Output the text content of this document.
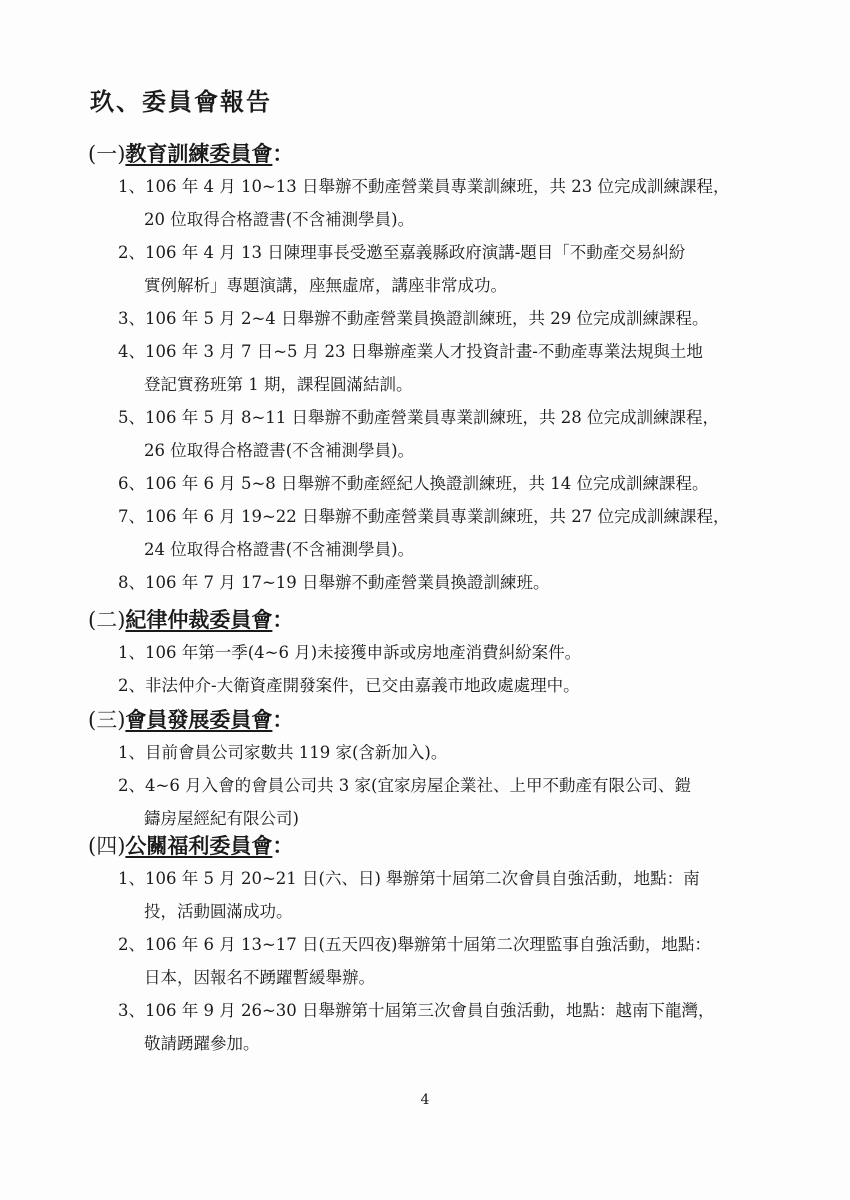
玖、委員會報告
(一)教育訓練委員會：
1、106 年 4 月 10~13 日舉辦不動產營業員專業訓練班，共 23 位完成訓練課程，
20 位取得合格證書(不含補測學員)。
2、106 年 4 月 13 日陳理事長受邀至嘉義縣政府演講-題目「不動產交易糾紛
實例解析」專題演講，座無虛席，講座非常成功。
3、106 年 5 月 2~4 日舉辦不動產營業員換證訓練班，共 29 位完成訓練課程。
4、106 年 3 月 7 日~5 月 23 日舉辦產業人才投資計畫-不動產專業法規與土地
登記實務班第 1 期，課程圓滿結訓。
5、106 年 5 月 8~11 日舉辦不動產營業員專業訓練班，共 28 位完成訓練課程，
26 位取得合格證書(不含補測學員)。
6、106 年 6 月 5~8 日舉辦不動產經紀人換證訓練班，共 14 位完成訓練課程。
7、106 年 6 月 19~22 日舉辦不動產營業員專業訓練班，共 27 位完成訓練課程，
24 位取得合格證書(不含補測學員)。
8、106 年 7 月 17~19 日舉辦不動產營業員換證訓練班。
(二)紀律仲裁委員會：
1、106 年第一季(4~6 月)未接獲申訴或房地產消費糾紛案件。
2、非法仲介-大衛資產開發案件，已交由嘉義市地政處處理中。
(三)會員發展委員會：
1、目前會員公司家數共 119 家(含新加入)。
2、4~6 月入會的會員公司共 3 家(宜家房屋企業社、上甲不動產有限公司、鎧
鑄房屋經紀有限公司)
(四)公關福利委員會：
1、106 年 5 月 20~21 日(六、日) 舉辦第十屆第二次會員自強活動，地點：南
投，活動圓滿成功。
2、106 年 6 月 13~17 日(五天四夜)舉辦第十屆第二次理監事自強活動，地點：
日本，因報名不踴躍暫緩舉辦。
3、106 年 9 月 26~30 日舉辦第十屆第三次會員自強活動，地點：越南下龍灣，
敬請踴躍參加。
4
